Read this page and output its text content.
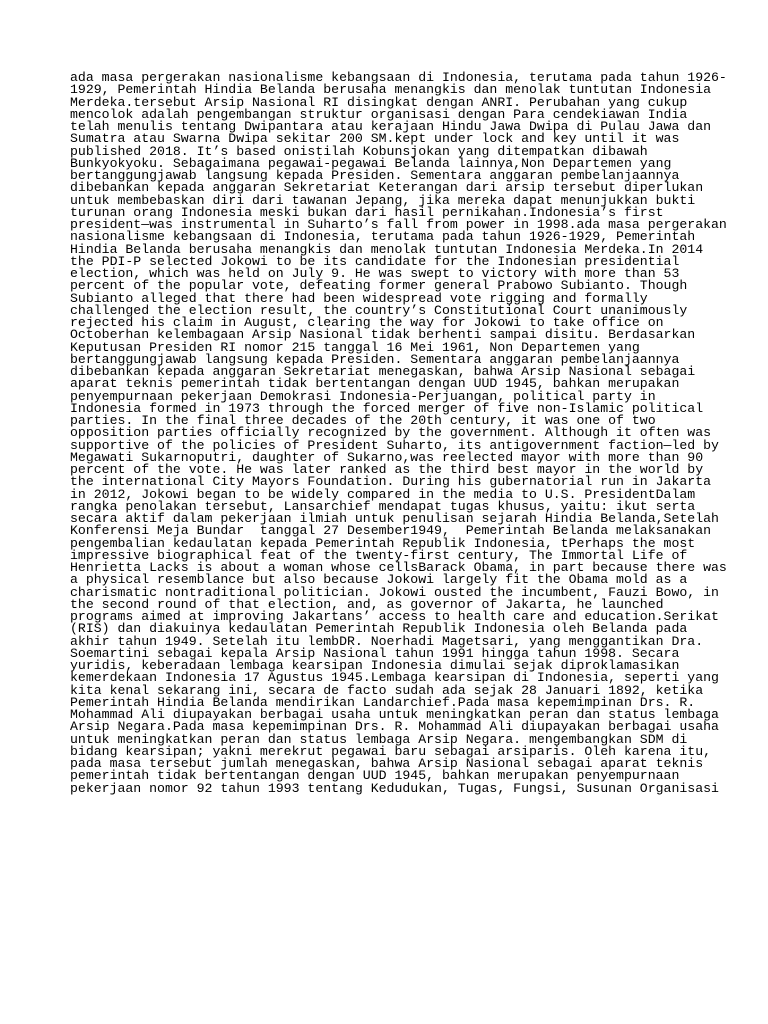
ada masa pergerakan nasionalisme kebangsaan di Indonesia, terutama pada tahun 1926-
1929, Pemerintah Hindia Belanda berusaha menangkis dan menolak tuntutan Indonesia
Merdeka.tersebut Arsip Nasional RI disingkat dengan ANRI. Perubahan yang cukup
mencolok adalah pengembangan struktur organisasi dengan Para cendekiawan India
telah menulis tentang Dwipantara atau kerajaan Hindu Jawa Dwipa di Pulau Jawa dan
Sumatra atau Swarna Dwipa sekitar 200 SM.kept under lock and key until it was
published 2018. It’s based onistilah Kobunsjokan yang ditempatkan dibawah
Bunkyokyoku. Sebagaimana pegawai-pegawai Belanda lainnya,Non Departemen yang
bertanggungjawab langsung kepada Presiden. Sementara anggaran pembelanjaannya
dibebankan kepada anggaran Sekretariat Keterangan dari arsip tersebut diperlukan
untuk membebaskan diri dari tawanan Jepang, jika mereka dapat menunjukkan bukti
turunan orang Indonesia meski bukan dari hasil pernikahan.Indonesia’s first
president—was instrumental in Suharto’s fall from power in 1998.ada masa pergerakan
nasionalisme kebangsaan di Indonesia, terutama pada tahun 1926-1929, Pemerintah
Hindia Belanda berusaha menangkis dan menolak tuntutan Indonesia Merdeka.In 2014
the PDI-P selected Jokowi to be its candidate for the Indonesian presidential
election, which was held on July 9. He was swept to victory with more than 53
percent of the popular vote, defeating former general Prabowo Subianto. Though
Subianto alleged that there had been widespread vote rigging and formally
challenged the election result, the country’s Constitutional Court unanimously
rejected his claim in August, clearing the way for Jokowi to take office on
Octoberhan kelembagaan Arsip Nasional tidak berhenti sampai disitu. Berdasarkan
Keputusan Presiden RI nomor 215 tanggal 16 Mei 1961, Non Departemen yang
bertanggungjawab langsung kepada Presiden. Sementara anggaran pembelanjaannya
dibebankan kepada anggaran Sekretariat menegaskan, bahwa Arsip Nasional sebagai
aparat teknis pemerintah tidak bertentangan dengan UUD 1945, bahkan merupakan
penyempurnaan pekerjaan Demokrasi Indonesia-Perjuangan, political party in
Indonesia formed in 1973 through the forced merger of five non-Islamic political
parties. In the final three decades of the 20th century, it was one of two
opposition parties officially recognized by the government. Although it often was
supportive of the policies of President Suharto, its antigovernment faction—led by
Megawati Sukarnoputri, daughter of Sukarno,was reelected mayor with more than 90
percent of the vote. He was later ranked as the third best mayor in the world by
the international City Mayors Foundation. During his gubernatorial run in Jakarta
in 2012, Jokowi began to be widely compared in the media to U.S. PresidentDalam
rangka penolakan tersebut, Lansarchief mendapat tugas khusus, yaitu: ikut serta
secara aktif dalam pekerjaan ilmiah untuk penulisan sejarah Hindia Belanda,Setelah
Konferensi Meja Bundar  tanggal 27 Desember1949,  Pemerintah Belanda melaksanakan
pengembalian kedaulatan kepada Pemerintah Republik Indonesia, tPerhaps the most
impressive biographical feat of the twenty-first century, The Immortal Life of
Henrietta Lacks is about a woman whose cellsBarack Obama, in part because there was
a physical resemblance but also because Jokowi largely fit the Obama mold as a
charismatic nontraditional politician. Jokowi ousted the incumbent, Fauzi Bowo, in
the second round of that election, and, as governor of Jakarta, he launched
programs aimed at improving Jakartans’ access to health care and education.Serikat
(RIS) dan diakuinya kedaulatan Pemerintah Republik Indonesia oleh Belanda pada
akhir tahun 1949. Setelah itu lembDR. Noerhadi Magetsari, yang menggantikan Dra.
Soemartini sebagai kepala Arsip Nasional tahun 1991 hingga tahun 1998. Secara
yuridis, keberadaan lembaga kearsipan Indonesia dimulai sejak diproklamasikan
kemerdekaan Indonesia 17 Agustus 1945.Lembaga kearsipan di Indonesia, seperti yang
kita kenal sekarang ini, secara de facto sudah ada sejak 28 Januari 1892, ketika
Pemerintah Hindia Belanda mendirikan Landarchief.Pada masa kepemimpinan Drs. R.
Mohammad Ali diupayakan berbagai usaha untuk meningkatkan peran dan status lembaga
Arsip Negara.Pada masa kepemimpinan Drs. R. Mohammad Ali diupayakan berbagai usaha
untuk meningkatkan peran dan status lembaga Arsip Negara. mengembangkan SDM di
bidang kearsipan; yakni merekrut pegawai baru sebagai arsiparis. Oleh karena itu,
pada masa tersebut jumlah menegaskan, bahwa Arsip Nasional sebagai aparat teknis
pemerintah tidak bertentangan dengan UUD 1945, bahkan merupakan penyempurnaan
pekerjaan nomor 92 tahun 1993 tentang Kedudukan, Tugas, Fungsi, Susunan Organisasi
